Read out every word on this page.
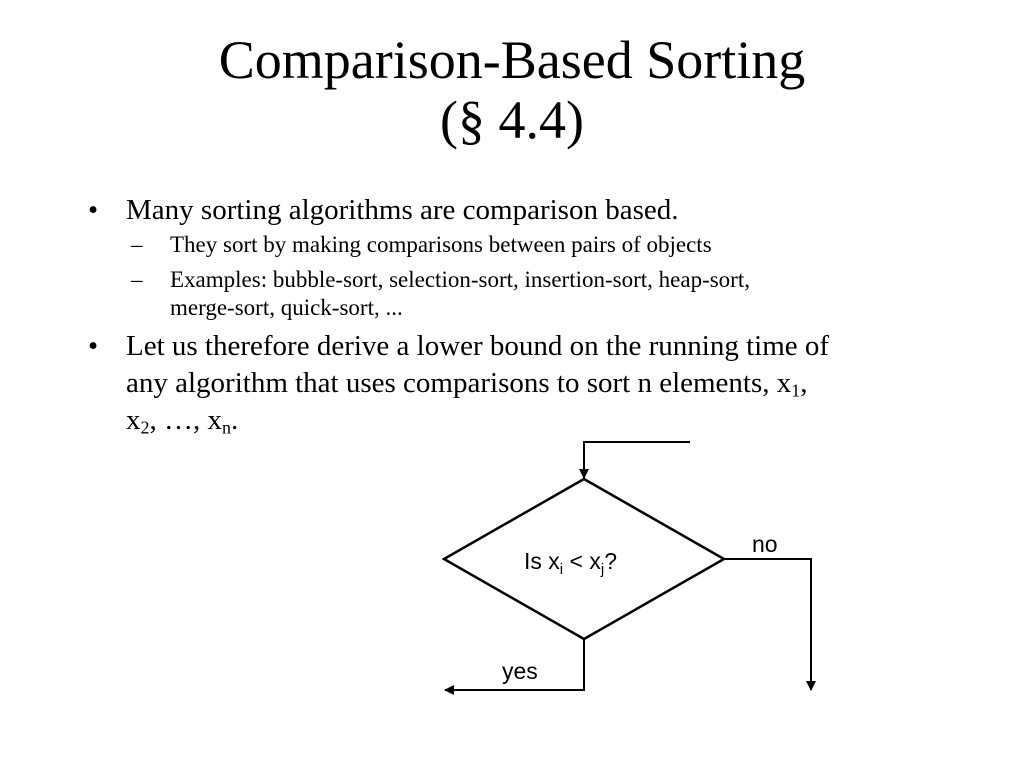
Comparison-Based Sorting
(§ 4.4)
• Many sorting algorithms are comparison based.
– They sort by making comparisons between pairs of objects
– Examples: bubble-sort, selection-sort, insertion-sort, heap-sort,
merge-sort, quick-sort, ...
• Let us therefore derive a lower bound on the running time of
any algorithm that uses comparisons to sort n elements, $x_1$,
$x_2$, …, $x_n$.
Is $x_i < x_j$?
no
yes
